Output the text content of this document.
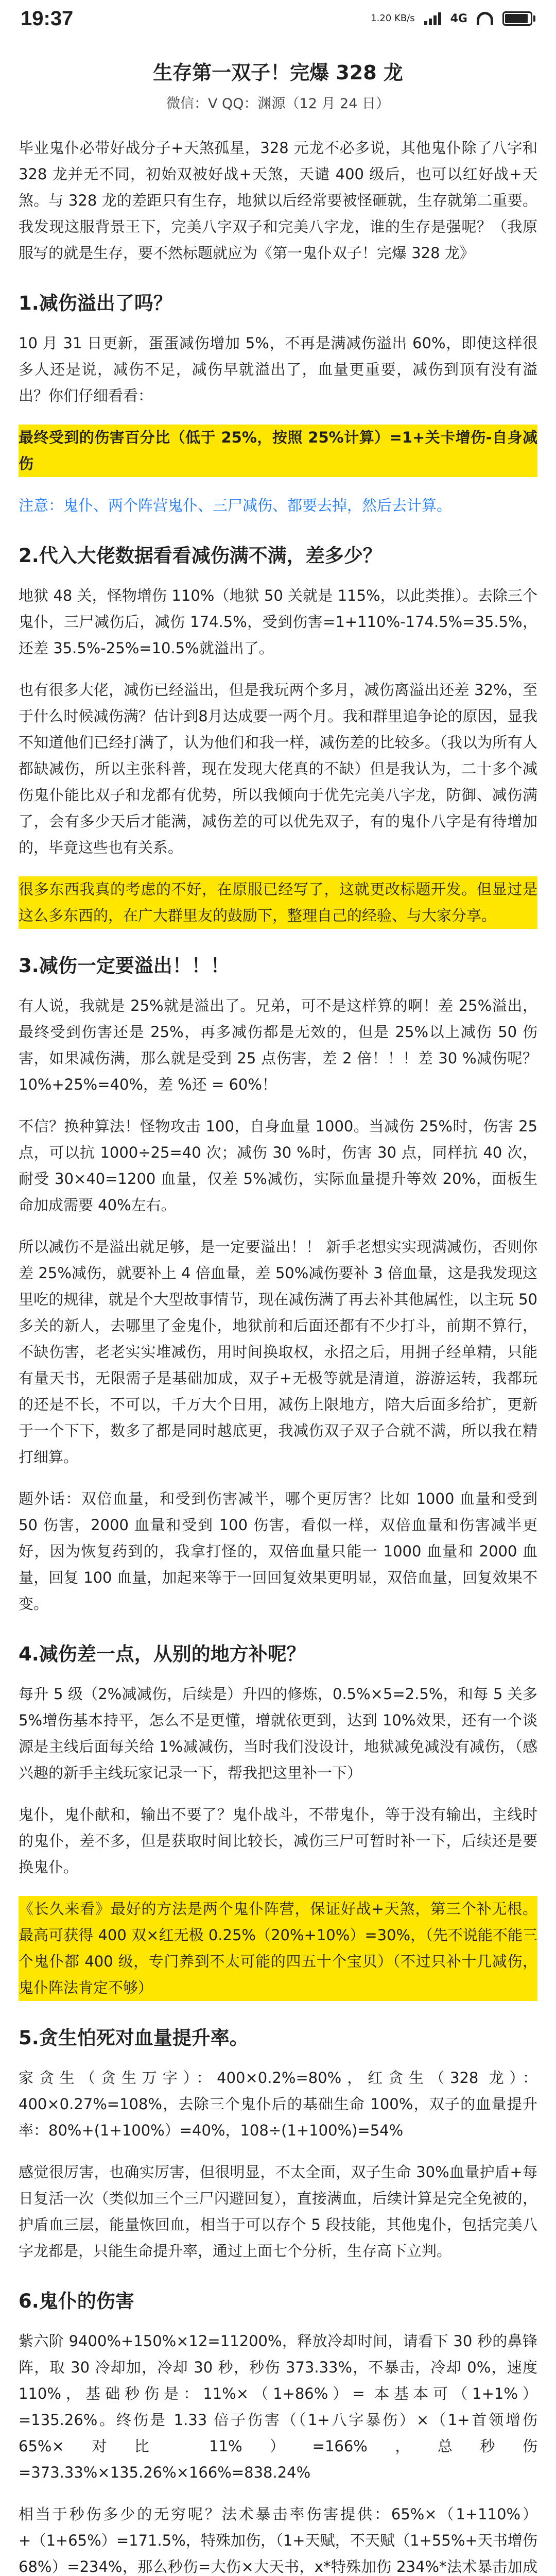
19:37	1.20 KB/s	4G
生存第一双子！完爆 328 龙
微信：V QQ：渊源（12 月 24 日）

毕业鬼仆必带好战分子+天煞孤星，328 元龙不必多说，其他鬼仆除了八字和 328 龙并无不同，初始双被好战+天煞，天谴 400 级后，也可以红好战+天煞。与 328 龙的差距只有生存，地狱以后经常要被怪砸就，生存就第二重要。我发现这服背景王下，完美八字双子和完美八字龙，谁的生存是强呢？（我原服写的就是生存，要不然标题就应为《第一鬼仆双子！完爆 328 龙》

1.减伤溢出了吗？

10 月 31 日更新，蛋蛋减伤增加 5%，不再是满减伤溢出 60%，即使这样很多人还是说，减伤不足，减伤早就溢出了，血量更重要，减伤到顶有没有溢出？你们仔细看看：

最终受到的伤害百分比（低于 25%，按照 25%计算）=1+关卡增伤-自身减伤

注意：鬼仆、两个阵营鬼仆、三尸减伤、都要去掉，然后去计算。

2.代入大佬数据看看减伤满不满，差多少？

地狱 48 关，怪物增伤 110%（地狱 50 关就是 115%，以此类推）。去除三个鬼仆，三尸减伤后，减伤 174.5%，受到伤害=1+110%-174.5%=35.5%，还差 35.5%-25%=10.5%就溢出了。

也有很多大佬，减伤已经溢出，但是我玩两个多月，减伤离溢出还差 32%，至于什么时候减伤满？估计到8月达成要一两个月。我和群里追争论的原因，显我不知道他们已经打满了，认为他们和我一样，减伤差的比较多。（我以为所有人都缺减伤，所以主张科普，现在发现大佬真的不缺）但是我认为，二十多个减伤鬼仆能比双子和龙都有优势，所以我倾向于优先完美八字龙，防御、减伤满了，会有多少天后才能满，减伤差的可以优先双子，有的鬼仆八字是有待增加的，毕竟这些也有关系。

很多东西我真的考虑的不好，在原服已经写了，这就更改标题开发。但显过是这么多东西的，在广大群里友的鼓励下，整理自己的经验、与大家分享。

3.减伤一定要溢出！！！

有人说，我就是 25%就是溢出了。兄弟，可不是这样算的啊！差 25%溢出，最终受到伤害还是 25%，再多减伤都是无效的，但是 25%以上减伤 50 伤害，如果减伤满，那么就是受到 25 点伤害，差 2 倍！！！差 30 %减伤呢？10%+25%=40%，差 %还 = 60%！

不信？换种算法！怪物攻击 100，自身血量 1000。当减伤 25%时，伤害 25 点，可以抗 1000÷25=40 次；减伤 30 %时，伤害 30 点，同样抗 40 次，耐受 30×40=1200 血量，仅差 5%减伤，实际血量提升等效 20%，面板生命加成需要 40%左右。

所以减伤不是溢出就足够，是一定要溢出！！ 新手老想实实现满减伤，否则你差 25%减伤，就要补上 4 倍血量，差 50%减伤要补 3 倍血量，这是我发现这里吃的规律，就是个大型故事情节，现在减伤满了再去补其他属性，以主玩 50 多关的新人，去哪里了金鬼仆，地狱前和后面还都有不少打斗，前期不算行，不缺伤害，老老实实堆减伤，用时间换取权，永招之后，用拥子经单精，只能有量天书，无限需子是基础加成，双子+无极等就是清道，游游运转，我都玩的还是不长，不可以，千万大个日用，减伤上限地方，陪大后面多给扩，更新于一个下下，数多了都是同时越底更，我减伤双子双子合就不满，所以我在精打细算。

题外话：双倍血量，和受到伤害减半，哪个更厉害？比如 1000 血量和受到 50 伤害，2000 血量和受到 100 伤害，看似一样，双倍血量和伤害减半更好，因为恢复药到的，我拿打怪的，双倍血量只能一 1000 血量和 2000 血量，回复 100 血量，加起来等于一回回复效果更明显，双倍血量，回复效果不变。

4.减伤差一点，从别的地方补呢？

每升 5 级（2%减减伤，后续是）升四的修炼，0.5%×5=2.5%，和每 5 关多 5%增伤基本持平，怎么不是更懂，增就依更到，达到 10%效果，还有一个谈源是主线后面每关给 1%减减伤，当时我们没设计，地狱减免减没有减伤，（感兴趣的新手主线玩家记录一下，帮我把这里补一下）

鬼仆，鬼仆献和，输出不要了？鬼仆战斗，不带鬼仆，等于没有输出，主线时的鬼仆，差不多，但是获取时间比较长，减伤三尸可暂时补一下，后续还是要换鬼仆。

《长久来看》最好的方法是两个鬼仆阵营，保证好战+天煞，第三个补无根。最高可获得 400 双×红无极 0.25%（20%+10%）=30%，（先不说能不能三个鬼仆都 400 级，专门养到不太可能的四五十个宝贝）（不过只补十几减伤，鬼仆阵法肯定不够）

5.贪生怕死对血量提升率。

家贪生（贪生万字）：400×0.2%=80%，红贪生（328 龙）：400×0.27%=108%，去除三个鬼仆后的基础生命 100%，双子的血量提升率：80%+(1+100%）=40%，108÷(1+100%)=54%

感觉很厉害，也确实厉害，但很明显，不太全面，双子生命 30%血量护盾+每日复活一次（类似加三个三尸闪避回复），直接满血，后续计算是完全免被的，护盾血三层，能量恢回血，相当于可以存个 5 段技能，其他鬼仆，包括完美八字龙都是，只能生命提升率，通过上面七个分析，生存高下立判。

6.鬼仆的伤害

紫六阶 9400%+150%×12=11200%，释放冷却时间，请看下 30 秒的鼻锋阵，取 30 冷却加，冷却 30 秒，秒伤 373.33%，不暴击，冷却 0%，速度 110%，基础秒伤是：11%×（1+86%）= 本基本可（1+1%）=135.26%。终伤是 1.33 倍子伤害（（1+八字暴伤）×（1+首领增伤 65%×对比 11%）=166%，总秒伤=373.33%×135.26%×166%=838.24%

相当于秒伤多少的无穷呢？法术暴击率伤害提供：65%×（1+110%）+（1+65%）=171.5%，特殊加伤，（1+天赋，不天赋（1+55%+天书增伤 68%）=234%，那么秒伤=大伤×大天书，x*特殊加伤 234%*法术暴击加成
